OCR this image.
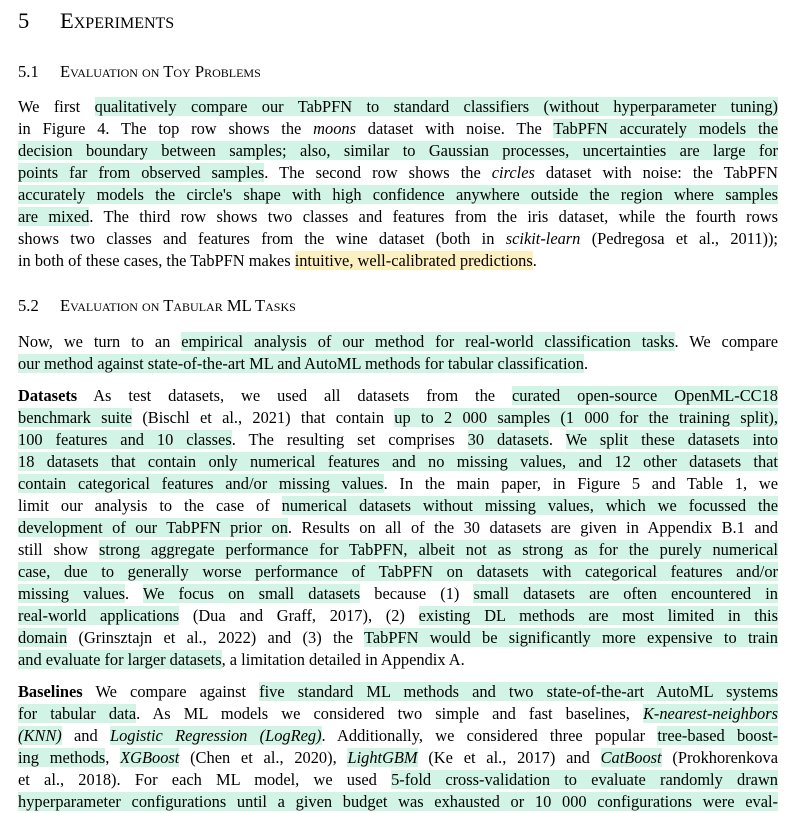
5 Experiments
5.1 Evaluation on Toy Problems
We first qualitatively compare our TabPFN to standard classifiers (without hyperparameter tuning)
in Figure 4. The top row shows the moons dataset with noise. The TabPFN accurately models the
decision boundary between samples; also, similar to Gaussian processes, uncertainties are large for
points far from observed samples. The second row shows the circles dataset with noise: the TabPFN
accurately models the circle's shape with high confidence anywhere outside the region where samples
are mixed. The third row shows two classes and features from the iris dataset, while the fourth rows
shows two classes and features from the wine dataset (both in scikit-learn (Pedregosa et al., 2011));
in both of these cases, the TabPFN makes intuitive, well-calibrated predictions.
5.2 Evaluation on Tabular ML Tasks
Now, we turn to an empirical analysis of our method for real-world classification tasks. We compare
our method against state-of-the-art ML and AutoML methods for tabular classification.
Datasets As test datasets, we used all datasets from the curated open-source OpenML-CC18
benchmark suite (Bischl et al., 2021) that contain up to 2 000 samples (1 000 for the training split),
100 features and 10 classes. The resulting set comprises 30 datasets. We split these datasets into
18 datasets that contain only numerical features and no missing values, and 12 other datasets that
contain categorical features and/or missing values. In the main paper, in Figure 5 and Table 1, we
limit our analysis to the case of numerical datasets without missing values, which we focussed the
development of our TabPFN prior on. Results on all of the 30 datasets are given in Appendix B.1 and
still show strong aggregate performance for TabPFN, albeit not as strong as for the purely numerical
case, due to generally worse performance of TabPFN on datasets with categorical features and/or
missing values. We focus on small datasets because (1) small datasets are often encountered in
real-world applications (Dua and Graff, 2017), (2) existing DL methods are most limited in this
domain (Grinsztajn et al., 2022) and (3) the TabPFN would be significantly more expensive to train
and evaluate for larger datasets, a limitation detailed in Appendix A.
Baselines We compare against five standard ML methods and two state-of-the-art AutoML systems
for tabular data. As ML models we considered two simple and fast baselines, K-nearest-neighbors
(KNN) and Logistic Regression (LogReg). Additionally, we considered three popular tree-based boost-
ing methods, XGBoost (Chen et al., 2020), LightGBM (Ke et al., 2017) and CatBoost (Prokhorenkova
et al., 2018). For each ML model, we used 5-fold cross-validation to evaluate randomly drawn
hyperparameter configurations until a given budget was exhausted or 10 000 configurations were eval-
